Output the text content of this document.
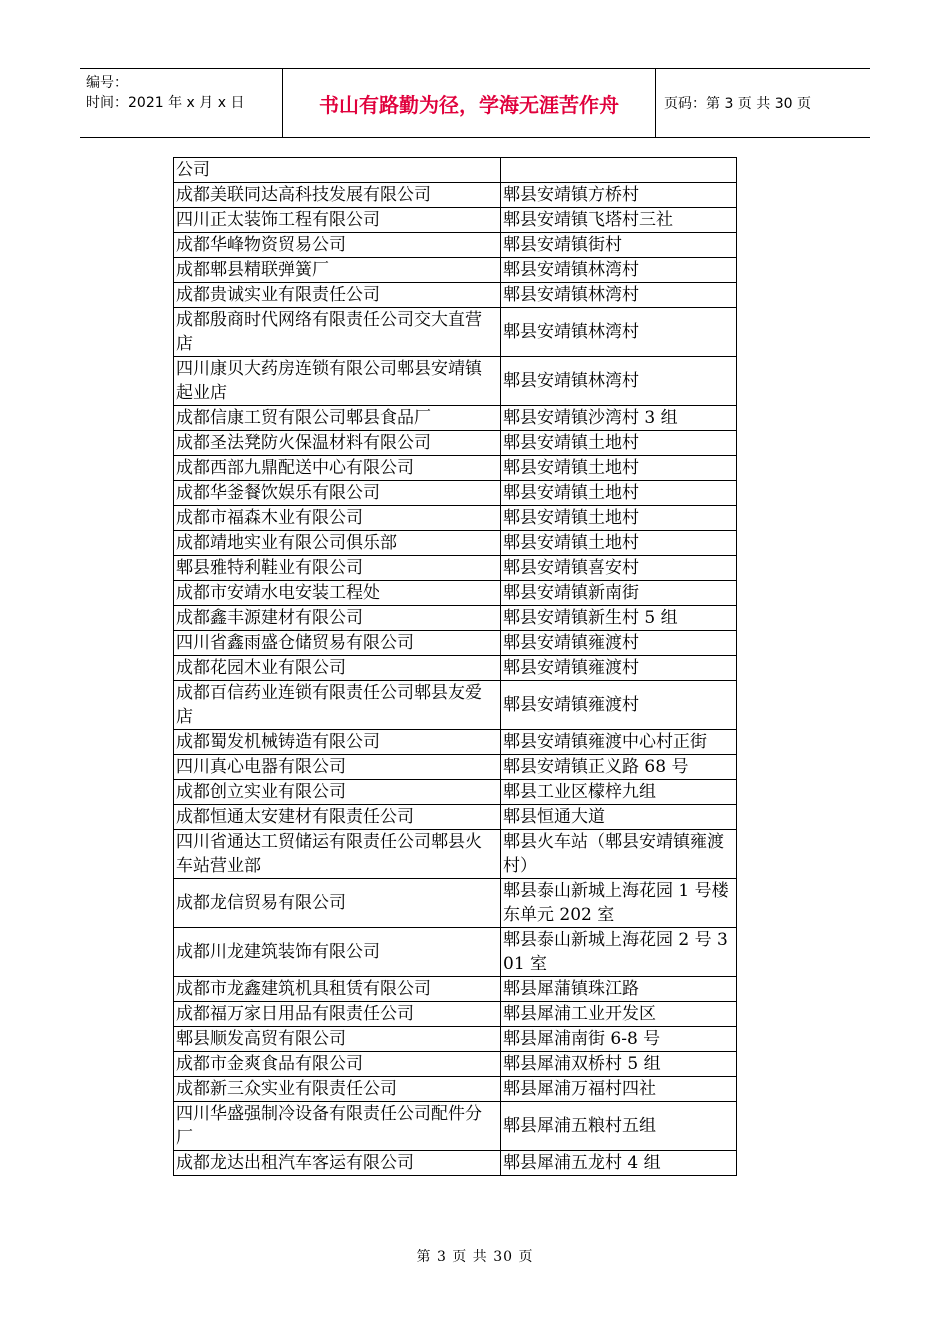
编号：
时间：2021 年 x 月 x 日	书山有路勤为径，学海无涯苦作舟	页码：第 3 页 共 30 页
公司	
成都美联同达高科技发展有限公司	郫县安靖镇方桥村
四川正太装饰工程有限公司	郫县安靖镇飞塔村三社
成都华峰物资贸易公司	郫县安靖镇街村
成都郫县精联弹簧厂	郫县安靖镇林湾村
成都贵诚实业有限责任公司	郫县安靖镇林湾村
成都殷商时代网络有限责任公司交大直营店	郫县安靖镇林湾村
四川康贝大药房连锁有限公司郫县安靖镇起业店	郫县安靖镇林湾村
成都信康工贸有限公司郫县食品厂	郫县安靖镇沙湾村 3 组
成都圣法凳防火保温材料有限公司	郫县安靖镇土地村
成都西部九鼎配送中心有限公司	郫县安靖镇土地村
成都华釜餐饮娱乐有限公司	郫县安靖镇土地村
成都市福森木业有限公司	郫县安靖镇土地村
成都靖地实业有限公司俱乐部	郫县安靖镇土地村
郫县雅特利鞋业有限公司	郫县安靖镇喜安村
成都市安靖水电安装工程处	郫县安靖镇新南街
成都鑫丰源建材有限公司	郫县安靖镇新生村 5 组
四川省鑫雨盛仓储贸易有限公司	郫县安靖镇雍渡村
成都花园木业有限公司	郫县安靖镇雍渡村
成都百信药业连锁有限责任公司郫县友爱店	郫县安靖镇雍渡村
成都蜀发机械铸造有限公司	郫县安靖镇雍渡中心村正街
四川真心电器有限公司	郫县安靖镇正义路 68 号
成都创立实业有限公司	郫县工业区檬梓九组
成都恒通太安建材有限责任公司	郫县恒通大道
四川省通达工贸储运有限责任公司郫县火车站营业部	郫县火车站（郫县安靖镇雍渡村）
成都龙信贸易有限公司	郫县泰山新城上海花园 1 号楼东单元 202 室
成都川龙建筑装饰有限公司	郫县泰山新城上海花园 2 号 301 室
成都市龙鑫建筑机具租赁有限公司	郫县犀蒲镇珠江路
成都福万家日用品有限责任公司	郫县犀浦工业开发区
郫县顺发高贸有限公司	郫县犀浦南街 6-8 号
成都市金爽食品有限公司	郫县犀浦双桥村 5 组
成都新三众实业有限责任公司	郫县犀浦万福村四社
四川华盛强制冷设备有限责任公司配件分厂	郫县犀浦五粮村五组
成都龙达出租汽车客运有限公司	郫县犀浦五龙村 4 组
第 3 页 共 30 页
